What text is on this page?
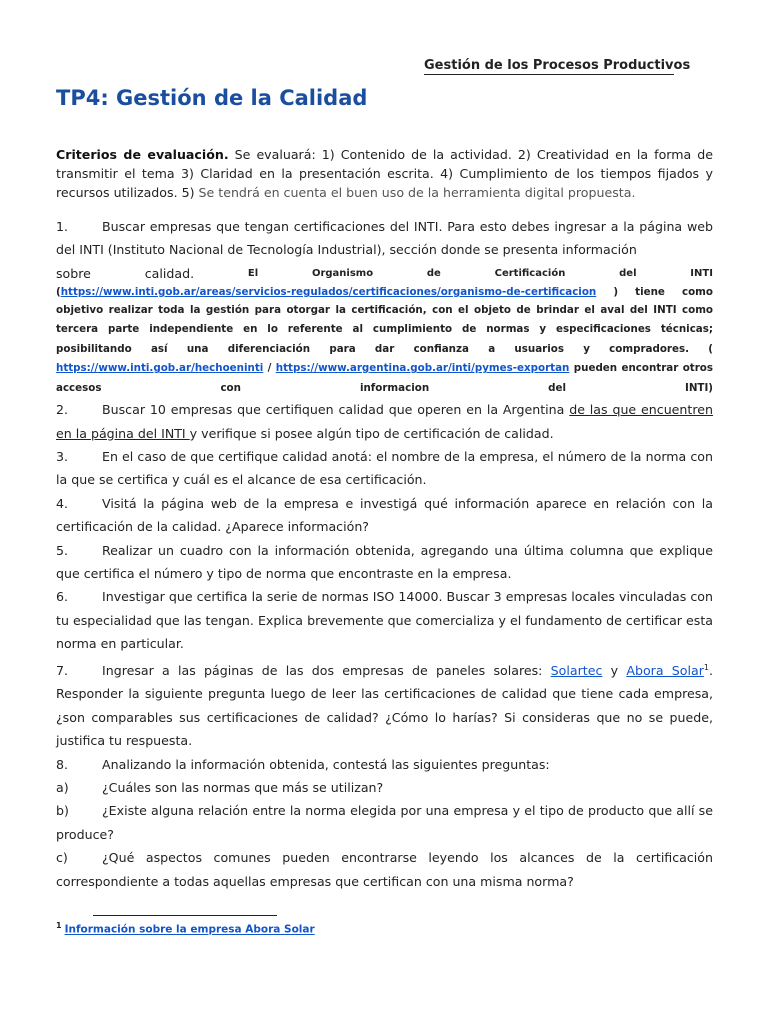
Gestión de los Procesos Productivos
TP4: Gestión de la Calidad

Criterios de evaluación. Se evaluará: 1) Contenido de la actividad. 2) Creatividad en la forma de transmitir el tema 3) Claridad en la presentación escrita. 4) Cumplimiento de los tiempos fijados y recursos utilizados. 5) Se tendrá en cuenta el buen uso de la herramienta digital propuesta.

1.	Buscar empresas que tengan certificaciones del INTI. Para esto debes ingresar a la página web del INTI (Instituto Nacional de Tecnología Industrial), sección donde se presenta información

sobre	calidad.	El	Organismo	de	Certificación	del	INTI

(https://www.inti.gob.ar/areas/servicios-regulados/certificaciones/organismo-de-certificacion ) tiene como

objetivo realizar toda la gestión para otorgar la certificación, con el objeto de brindar el aval del INTI como tercera parte independiente en lo referente al cumplimiento de normas y especificaciones técnicas; posibilitando así una diferenciación para dar confianza a usuarios y compradores. ( https://www.inti.gob.ar/hechoeninti / https://www.argentina.gob.ar/inti/pymes-exportan pueden encontrar otros accesos con informacion del INTI)

2.	Buscar 10 empresas que certifiquen calidad que operen en la Argentina de las que encuentren en la página del INTI y verifique si posee algún tipo de certificación de calidad.

3.	En el caso de que certifique calidad anotá: el nombre de la empresa, el número de la norma con la que se certifica y cuál es el alcance de esa certificación.

4.	Visitá la página web de la empresa e investigá qué información aparece en relación con la certificación de la calidad. ¿Aparece información?

5.	Realizar un cuadro con la información obtenida, agregando una última columna que explique que certifica el número y tipo de norma que encontraste en la empresa.

6.	Investigar que certifica la serie de normas ISO 14000. Buscar 3 empresas locales vinculadas con tu especialidad que las tengan. Explica brevemente que comercializa y el fundamento de certificar esta norma en particular.

7.	Ingresar a las páginas de las dos empresas de paneles solares: Solartec y Abora Solar$^1$. Responder la siguiente pregunta luego de leer las certificaciones de calidad que tiene cada empresa, ¿son comparables sus certificaciones de calidad? ¿Cómo lo harías? Si consideras que no se puede, justifica tu respuesta.

8.	Analizando la información obtenida, contestá las siguientes preguntas:

a)	¿Cuáles son las normas que más se utilizan?

b)	¿Existe alguna relación entre la norma elegida por una empresa y el tipo de producto que allí se produce?

c)	¿Qué aspectos comunes pueden encontrarse leyendo los alcances de la certificación correspondiente a todas aquellas empresas que certifican con una misma norma?

$^1$ Información sobre la empresa Abora Solar
